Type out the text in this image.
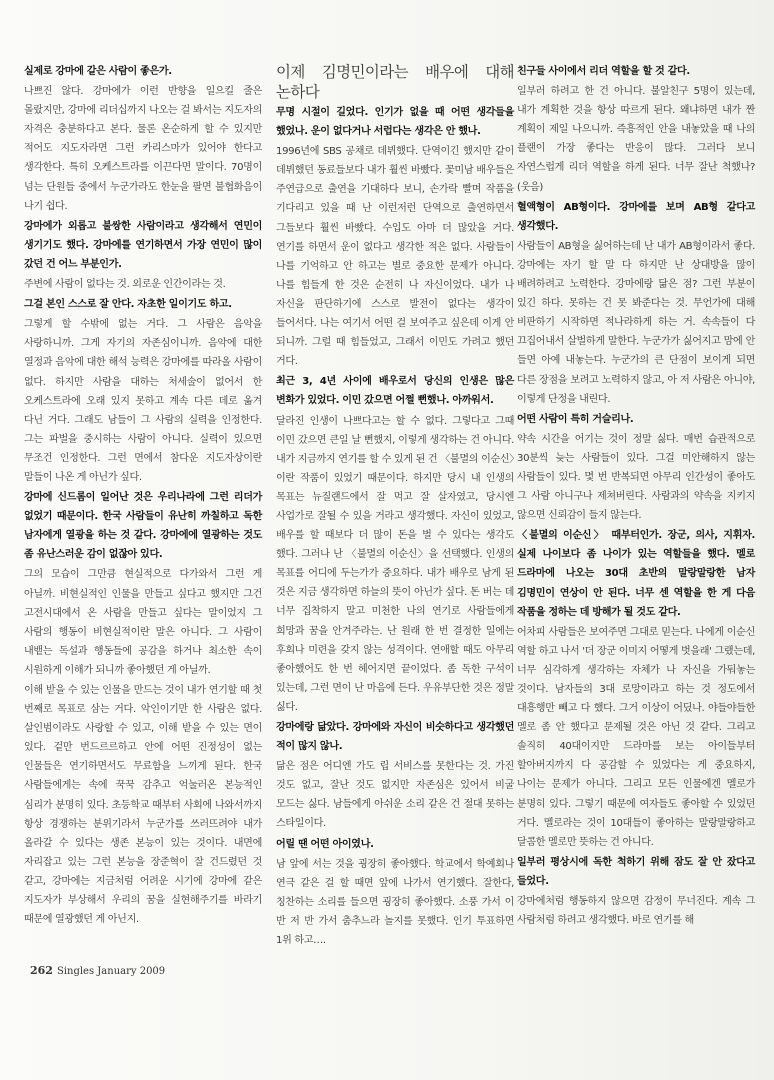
실제로 강마에 같은 사람이 좋은가.

나쁘진 않다. 강마에가 이런 반향을 일으킬 줄은 몰랐지만, 강마에 리더십까지 나오는 걸 봐서는 지도자의 자격은 충분하다고 본다. 물론 온순하게 할 수 있지만 적어도 지도자라면 그런 카리스마가 있어야 한다고 생각한다. 특히 오케스트라를 이끈다면 말이다. 70명이 넘는 단원들 중에서 누군가라도 한눈을 팔면 불협화음이 나기 쉽다.

강마에가 외롭고 불쌍한 사람이라고 생각해서 연민이 생기기도 했다. 강마에를 연기하면서 가장 연민이 많이 갔던 건 어느 부분인가.

주변에 사람이 없다는 것. 외로운 인간이라는 것.

그걸 본인 스스로 잘 안다. 자초한 일이기도 하고.

그렇게 할 수밖에 없는 거다. 그 사람은 음악을 사랑하니까. 그게 자기의 자존심이니까. 음악에 대한 열정과 음악에 대한 해석 능력은 강마에를 따라올 사람이 없다. 하지만 사람을 대하는 처세술이 없어서 한 오케스트라에 오래 있지 못하고 계속 다른 데로 옮겨 다닌 거다. 그래도 남들이 그 사람의 실력을 인정한다. 그는 파벌을 중시하는 사람이 아니다. 실력이 있으면 무조건 인정한다. 그런 면에서 참다운 지도자상이란 말들이 나온 게 아닌가 싶다.

강마에 신드롬이 일어난 것은 우리나라에 그런 리더가 없었기 때문이다. 한국 사람들이 유난히 까칠하고 독한 남자에게 열광을 하는 것 같다. 강마에에 열광하는 것도 좀 유난스러운 감이 없잖아 있다.

그의 모습이 그만큼 현실적으로 다가와서 그런 게 아닐까. 비현실적인 인물을 만들고 싶다고 했지만 그건 고전시대에서 온 사람을 만들고 싶다는 말이었지 그 사람의 행동이 비현실적이란 말은 아니다. 그 사람이 내뱉는 독설과 행동들에 공감을 하거나 최소한 속이 시원하게 이해가 되니까 좋아했던 게 아닐까.

이해 받을 수 있는 인물을 만드는 것이 내가 연기할 때 첫 번째로 목표로 삼는 거다. 악인이기만 한 사람은 없다. 살인범이라도 사랑할 수 있고, 이해 받을 수 있는 면이 있다. 겉만 번드르르하고 안에 어떤 진정성이 없는 인물들은 연기하면서도 무료함을 느끼게 된다. 한국 사람들에게는 속에 꾹꾹 감추고 억눌러온 본능적인 심리가 분명히 있다. 초등학교 때부터 사회에 나와서까지 항상 경쟁하는 분위기라서 누군가를 쓰러뜨려야 내가 올라갈 수 있다는 생존 본능이 있는 것이다. 내면에 자리잡고 있는 그런 본능을 장준혁이 잘 건드렸던 것 같고, 강마에는 지금처럼 어려운 시기에 강마에 같은 지도자가 부상해서 우리의 꿈을 실현해주기를 바라기 때문에 열광했던 게 아닌지.

이제 김명민이라는 배우에 대해 논하다

무명 시절이 길었다. 인기가 없을 때 어떤 생각들을 했었나. 운이 없다거나 서럽다는 생각은 안 했나.

1996년에 SBS 공채로 데뷔했다. 단역이긴 했지만 같이 데뷔했던 동료들보다 내가 훨씬 바빴다. 꽃미남 배우들은 주연급으로 출연을 기대하다 보니, 손가락 빨며 작품을 기다리고 있을 때 난 이런저런 단역으로 출연하면서 그들보다 훨씬 바빴다. 수입도 아마 더 많았을 거다. 연기를 하면서 운이 없다고 생각한 적은 없다. 사람들이 나를 기억하고 안 하고는 별로 중요한 문제가 아니다. 나를 힘들게 한 것은 순전히 나 자신이었다. 내가 나 자신을 판단하기에 스스로 발전이 없다는 생각이 들어서다. 나는 여기서 어떤 걸 보여주고 싶은데 이게 안 되니까. 그럴 때 힘들었고, 그래서 이민도 가려고 했던 거다.

최근 3, 4년 사이에 배우로서 당신의 인생은 많은 변화가 있었다. 이민 갔으면 어쩔 뻔했나. 아까워서.

달라진 인생이 나쁘다고는 할 수 없다. 그렇다고 그때 이민 갔으면 큰일 날 뻔했지, 이렇게 생각하는 건 아니다. 내가 지금까지 연기를 할 수 있게 된 건 〈불멸의 이순신〉이란 작품이 있었기 때문이다. 하지만 당시 내 인생의 목표는 뉴질랜드에서 잘 먹고 잘 살자였고, 당시엔 사업가로 잘될 수 있을 거라고 생각했다. 자신이 있었고, 배우를 할 때보다 더 많이 돈을 벌 수 있다는 생각도 했다. 그러나 난 〈불멸의 이순신〉을 선택했다. 인생의 목표를 어디에 두는가가 중요하다. 내가 배우로 남게 된 것은 지금 생각하면 하늘의 뜻이 아닌가 싶다. 돈 버는 데 너무 집착하지 말고 미천한 나의 연기로 사람들에게 희망과 꿈을 안겨주라는. 난 원래 한 번 결정한 일에는 후회나 미련을 갖지 않는 성격이다. 연애할 때도 아무리 좋아했어도 한 번 헤어지면 끝이었다. 좀 독한 구석이 있는데, 그런 면이 난 마음에 든다. 우유부단한 것은 정말 싫다.

강마에랑 닮았다. 강마에와 자신이 비슷하다고 생각했던 적이 많지 않나.

닮은 점은 어디엔 가도 립 서비스를 못한다는 것. 가진 것도 없고, 잘난 것도 없지만 자존심은 있어서 비굴 모드는 싫다. 남들에게 아쉬운 소리 같은 건 절대 못하는 스타일이다.

어릴 땐 어떤 아이였나.

남 앞에 서는 것을 굉장히 좋아했다. 학교에서 학예회나 연극 같은 걸 할 때면 앞에 나가서 연기했다. 잘한다, 칭찬하는 소리를 들으면 굉장히 좋아했다. 소풍 가서 이 반 저 반 가서 춤추느라 놀지를 못했다. 인기 투표하면 1위 하고….

친구들 사이에서 리더 역할을 할 것 같다.

일부러 하려고 한 건 아니다. 불알친구 5명이 있는데, 내가 계획한 것을 항상 따르게 된다. 왜냐하면 내가 짠 계획이 제일 나으니까. 즉흥적인 안을 내놓았을 때 나의 플랜이 가장 좋다는 반응이 많다. 그러다 보니 자연스럽게 리더 역할을 하게 된다. 너무 잘난 척했나? (웃음)

혈액형이 AB형이다. 강마에를 보며 AB형 같다고 생각했다.

사람들이 AB형을 싫어하는데 난 내가 AB형이라서 좋다. 강마에는 자기 할 말 다 하지만 난 상대방을 많이 배려하려고 노력한다. 강마에랑 닮은 점? 그런 부분이 있긴 하다. 못하는 건 못 봐준다는 것. 무언가에 대해 비판하기 시작하면 적나라하게 하는 거. 속속들이 다 끄집어내서 살벌하게 말한다. 누군가가 싫어지고 맘에 안 들면 아예 내놓는다. 누군가의 큰 단점이 보이게 되면 다른 장점을 보려고 노력하지 않고, 아 저 사람은 아니야, 이렇게 단정을 내린다.

어떤 사람이 특히 거슬리나.

약속 시간을 어기는 것이 정말 싫다. 매번 습관적으로 30분씩 늦는 사람들이 있다. 그걸 미안해하지 않는 사람들이 있다. 몇 번 반복되면 아무리 인간성이 좋아도 그 사람 아니구나 제쳐버린다. 사람과의 약속을 지키지 않으면 신뢰감이 들지 않는다.

〈불멸의 이순신〉 때부터인가. 장군, 의사, 지휘자. 실제 나이보다 좀 나이가 있는 역할들을 했다. 멜로 드라마에 나오는 30대 초반의 말랑말랑한 남자 김명민이 연상이 안 된다. 너무 센 역할을 한 게 다음 작품을 정하는 데 방해가 될 것도 같다.

어차피 사람들은 보여주면 그대로 믿는다. 나에게 이순신 역할 하고 나서 '더 장군 이미지 어떻게 벗을래' 그랬는데, 너무 심각하게 생각하는 자체가 나 자신을 가둬놓는 것이다. 남자들의 3대 로망이라고 하는 것 정도에서 대흥행만 빼고 다 했다. 그거 이상이 어딨나. 야들야들한 멜로 좀 안 했다고 문제될 것은 아닌 것 같다. 그리고 솔직히 40대이지만 드라마를 보는 아이들부터 할아버지까지 다 공감할 수 있었다는 게 중요하지, 나이는 문제가 아니다. 그리고 모든 인물에겐 멜로가 분명히 있다. 그렇기 때문에 여자들도 좋아할 수 있었던 거다. 멜로라는 것이 10대들이 좋아하는 말랑말랑하고 달콤한 멜로만 뜻하는 건 아니다.

일부러 평상시에 독한 척하기 위해 잠도 잘 안 잤다고 들었다.

강마에처럼 행동하지 않으면 감정이 무너진다. 계속 그 사람처럼 하려고 생각했다. 바로 연기를 해

262 Singles January 2009
